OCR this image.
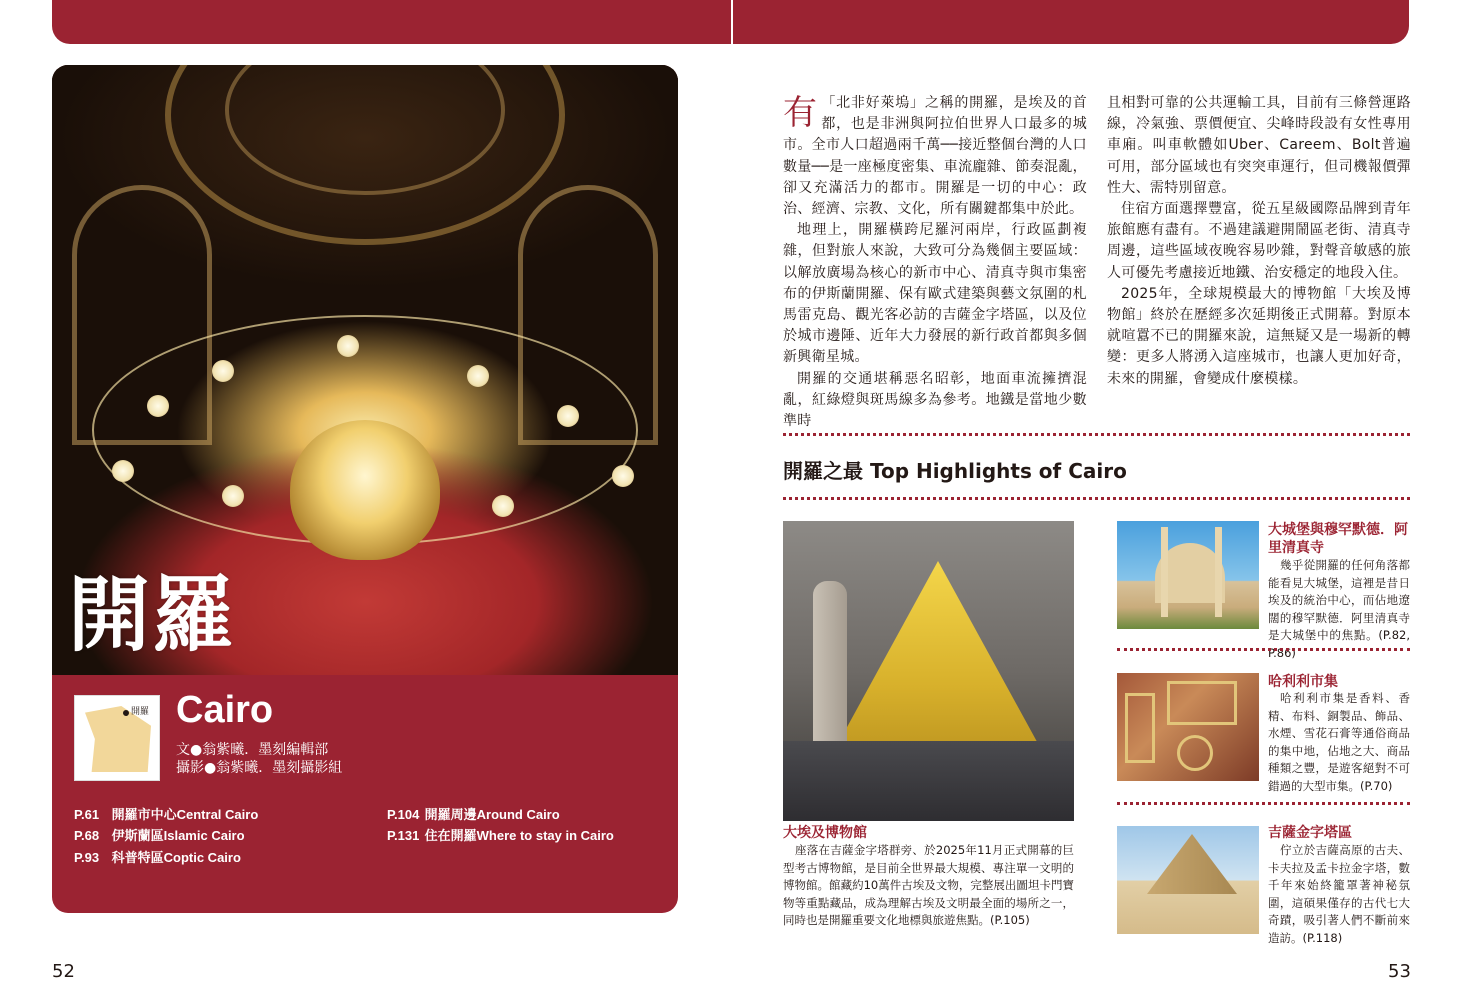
開羅
開羅 Cairo
文●翁紫曦．墨刻編輯部
攝影●翁紫曦．墨刻攝影組
P.61 開羅市中心Central Cairo
P.68 伊斯蘭區Islamic Cairo
P.93 科普特區Coptic Cairo
P.104 開羅周邊Around Cairo
P.131 住在開羅Where to stay in Cairo
52

有 「北非好萊塢」之稱的開羅，是埃及的首都，也是非洲與阿拉伯世界人口最多的城市。全市人口超過兩千萬──接近整個台灣的人口數量──是一座極度密集、車流龐雜、節奏混亂，卻又充滿活力的都市。開羅是一切的中心：政治、經濟、宗教、文化，所有關鍵都集中於此。

地理上，開羅橫跨尼羅河兩岸，行政區劃複雜，但對旅人來說，大致可分為幾個主要區域：以解放廣場為核心的新市中心、清真寺與市集密布的伊斯蘭開羅、保有歐式建築與藝文氛圍的札馬雷克島、觀光客必訪的吉薩金字塔區，以及位於城市邊陲、近年大力發展的新行政首都與多個新興衛星城。

開羅的交通堪稱惡名昭彰，地面車流擁擠混亂，紅綠燈與斑馬線多為參考。地鐵是當地少數準時

且相對可靠的公共運輸工具，目前有三條營運路線，冷氣強、票價便宜、尖峰時段設有女性專用車廂。叫車軟體如Uber、Careem、Bolt普遍可用，部分區域也有突突車運行，但司機報價彈性大、需特別留意。

住宿方面選擇豐富，從五星級國際品牌到青年旅館應有盡有。不過建議避開鬧區老街、清真寺周邊，這些區域夜晚容易吵雜，對聲音敏感的旅人可優先考慮接近地鐵、治安穩定的地段入住。

2025年，全球規模最大的博物館「大埃及博物館」終於在歷經多次延期後正式開幕。對原本就喧囂不已的開羅來說，這無疑又是一場新的轉變：更多人將湧入這座城市，也讓人更加好奇，未來的開羅，會變成什麼模樣。

開羅之最 Top Highlights of Cairo
大埃及博物館
座落在吉薩金字塔群旁、於2025年11月正式開幕的巨型考古博物館，是目前全世界最大規模、專注單一文明的博物館。館藏約10萬件古埃及文物，完整展出圖坦卡門寶物等重點藏品，成為理解古埃及文明最全面的場所之一，同時也是開羅重要文化地標與旅遊焦點。(P.105)
大城堡與穆罕默德．阿里清真寺
幾乎從開羅的任何角落都能看見大城堡，這裡是昔日埃及的統治中心，而佔地遼闊的穆罕默德．阿里清真寺是大城堡中的焦點。(P.82, P.86)
哈利利市集
哈利利市集是香料、香精、布料、銅製品、飾品、水煙、雪花石膏等通俗商品的集中地，佔地之大、商品種類之豐，是遊客絕對不可錯過的大型市集。(P.70)
吉薩金字塔區
佇立於吉薩高原的古夫、卡夫拉及孟卡拉金字塔，數千年來始終籠罩著神秘氛圍，這碩果僅存的古代七大奇蹟，吸引著人們不斷前來造訪。(P.118)
53
